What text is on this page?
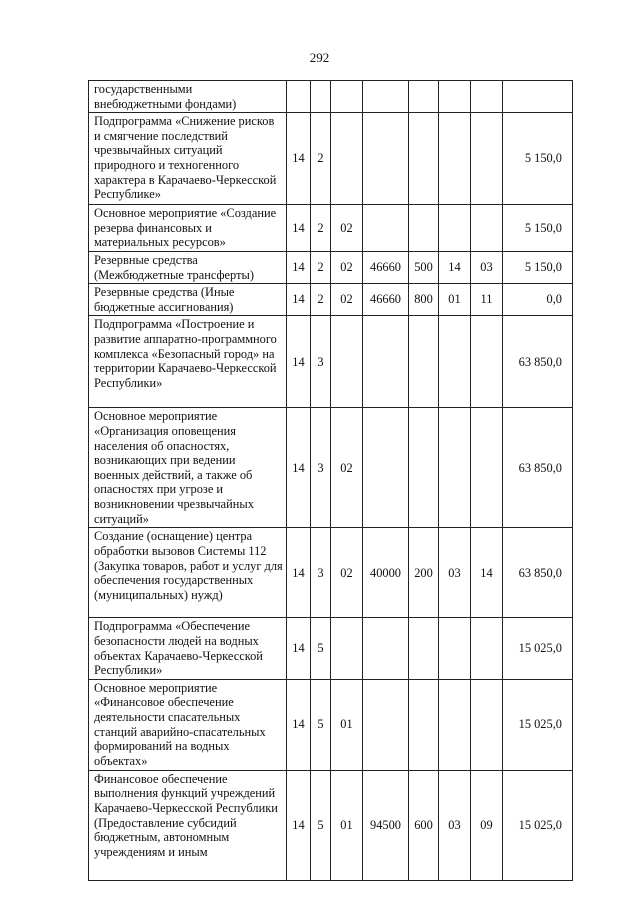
292
государственными внебюджетными фондами)								
Подпрограмма «Снижение рисков и смягчение последствий чрезвычайных ситуаций природного и техногенного характера в Карачаево-Черкесской Республике»	14	2						5 150,0
Основное мероприятие «Создание резерва финансовых и материальных ресурсов»	14	2	02					5 150,0
Резервные средства (Межбюджетные трансферты)	14	2	02	46660	500	14	03	5 150,0
Резервные средства (Иные бюджетные ассигнования)	14	2	02	46660	800	01	11	0,0
Подпрограмма «Построение и развитие аппаратно-программного комплекса «Безопасный город» на территории Карачаево-Черкесской Республики»	14	3						63 850,0
Основное мероприятие «Организация оповещения населения об опасностях, возникающих при ведении военных действий, а также об опасностях при угрозе и возникновении чрезвычайных ситуаций»	14	3	02					63 850,0
Создание (оснащение) центра обработки вызовов Системы 112 (Закупка товаров, работ и услуг для обеспечения государственных (муниципальных) нужд)	14	3	02	40000	200	03	14	63 850,0
Подпрограмма «Обеспечение безопасности людей на водных объектах Карачаево-Черкесской Республики»	14	5						15 025,0
Основное мероприятие «Финансовое обеспечение деятельности спасательных станций аварийно-спасательных формирований на водных объектах»	14	5	01					15 025,0
Финансовое обеспечение выполнения функций учреждений Карачаево-Черкесской Республики (Предоставление субсидий бюджетным, автономным учреждениям и иным	14	5	01	94500	600	03	09	15 025,0
